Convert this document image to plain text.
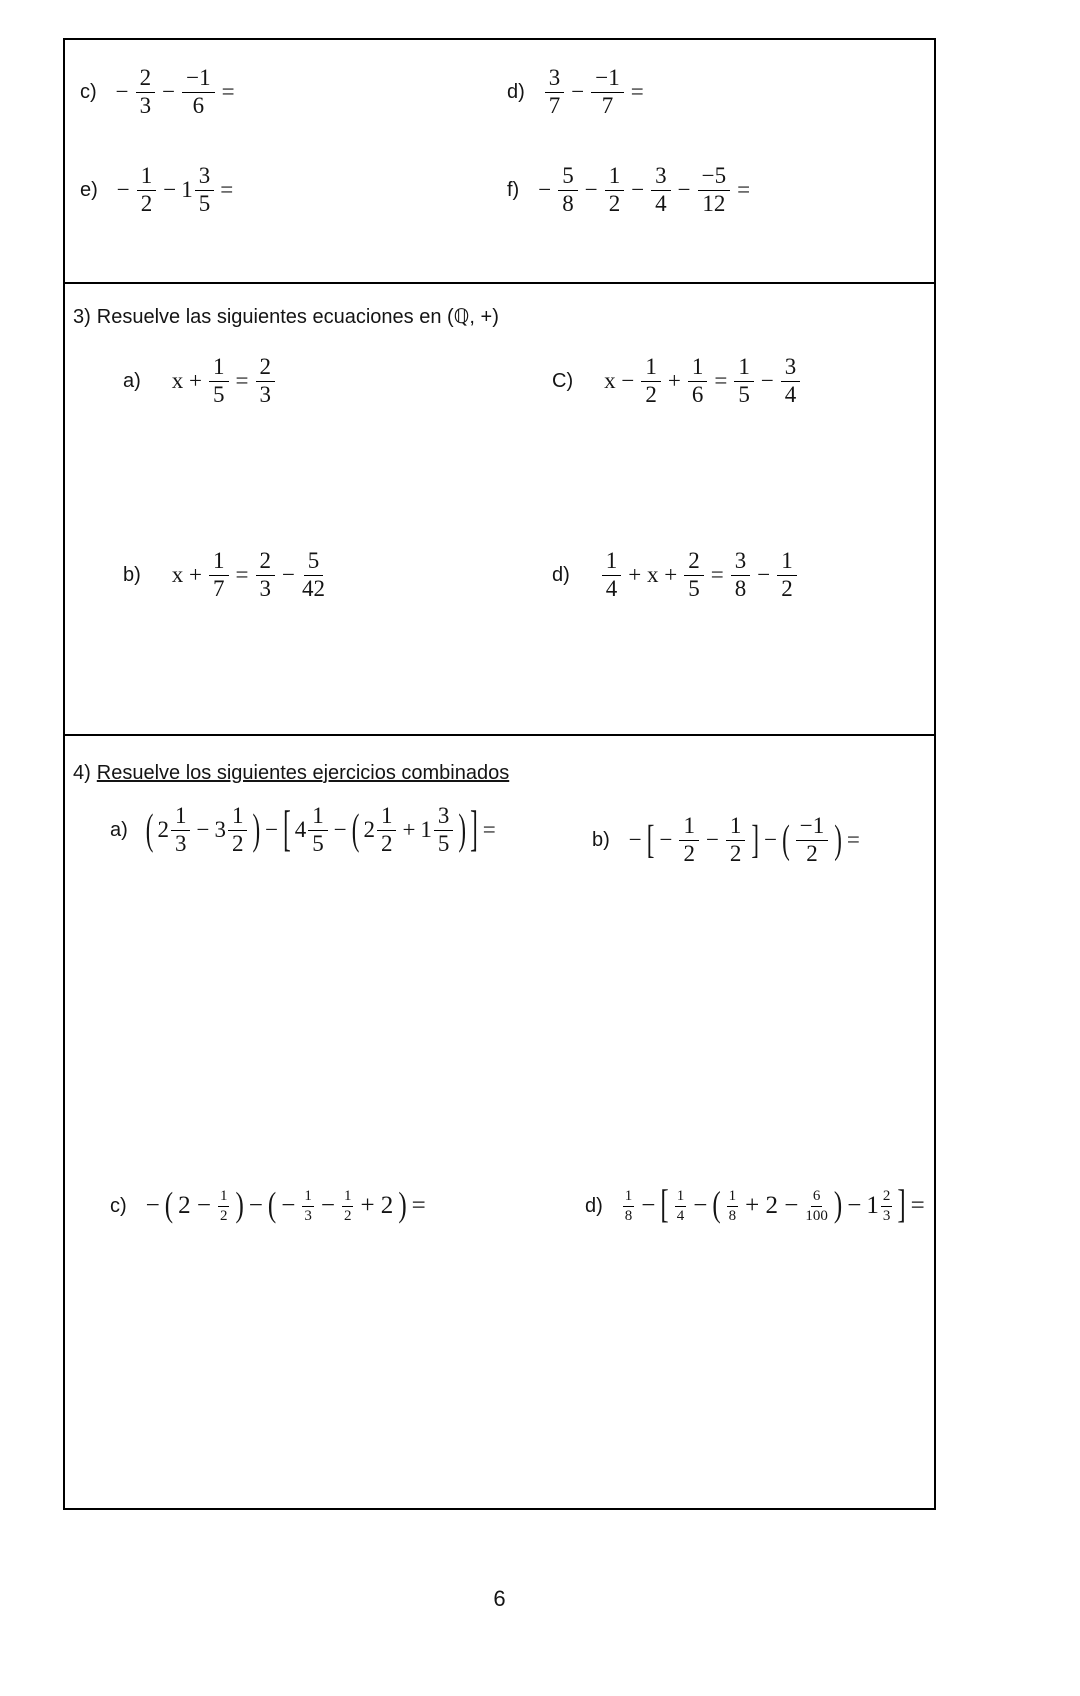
$c) - \frac{2}{3} - \frac{-1}{6}$ =	$d) \frac{3}{7} - \frac{-1}{7}$ =
$e) - \frac{1}{2} - 1 \frac{3}{5}$ =	$f) - \frac{5}{8} - \frac{1}{2} - \frac{3}{4} - \frac{-5}{12}$ =
3) Resuelve las siguientes ecuaciones en (ℚ, +)
a) $x + \frac{1}{5} = \frac{2}{3}$	C) $x - \frac{1}{2} + \frac{1}{6} = \frac{1}{5} - \frac{3}{4}$
b) $x + \frac{1}{7} = \frac{2}{3} - \frac{5}{42}$	$d) \frac{1}{4} + x + \frac{2}{5} = \frac{3}{8} - \frac{1}{2}$
4) Resuelve los siguientes ejercicios combinados
a) ( $2 \frac{1}{3} - 3 \frac{1}{2}$ ) − [ $4 \frac{1}{5}$ − ( $2 \frac{1}{2} + 1 \frac{3}{5}$ ) ] =	b) − [ − $\frac{1}{2} - \frac{1}{2}$ ] − ( $\frac{-1}{2}$ ) =
c) − ( $2 - \frac{1}{2}$ ) − ( − $\frac{1}{3} - \frac{1}{2} + 2$ ) =	$d) \frac{1}{8}$ − [ $\frac{1}{4}$ − ( $\frac{1}{8} + 2 - \frac{6}{100}$ ) − $1 \frac{2}{3}$ ] =
6
